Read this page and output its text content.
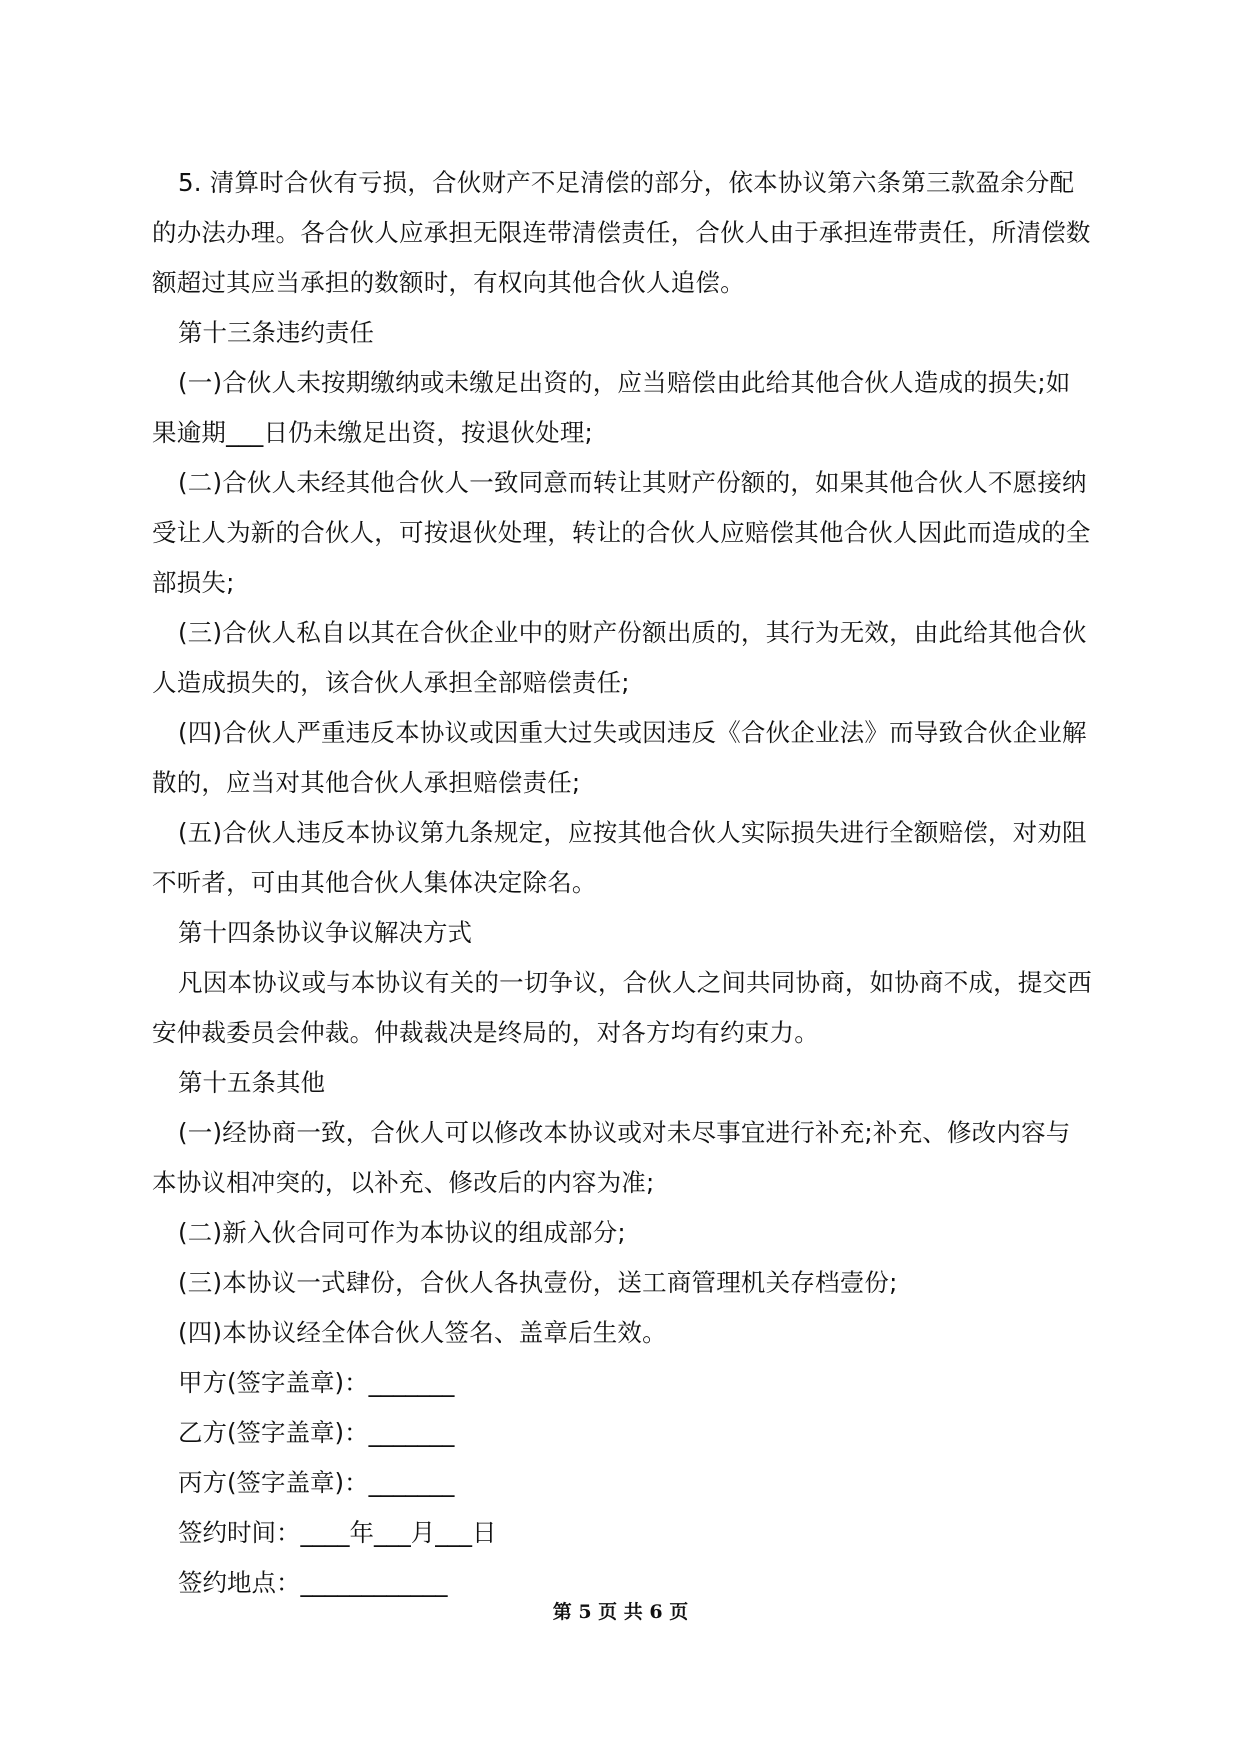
5. 清算时合伙有亏损，合伙财产不足清偿的部分，依本协议第六条第三款盈余分配的办法办理。各合伙人应承担无限连带清偿责任，合伙人由于承担连带责任，所清偿数额超过其应当承担的数额时，有权向其他合伙人追偿。

第十三条违约责任

(一)合伙人未按期缴纳或未缴足出资的，应当赔偿由此给其他合伙人造成的损失;如果逾期___日仍未缴足出资，按退伙处理;

(二)合伙人未经其他合伙人一致同意而转让其财产份额的，如果其他合伙人不愿接纳受让人为新的合伙人，可按退伙处理，转让的合伙人应赔偿其他合伙人因此而造成的全部损失;

(三)合伙人私自以其在合伙企业中的财产份额出质的，其行为无效，由此给其他合伙人造成损失的，该合伙人承担全部赔偿责任;

(四)合伙人严重违反本协议或因重大过失或因违反《合伙企业法》而导致合伙企业解散的，应当对其他合伙人承担赔偿责任;

(五)合伙人违反本协议第九条规定，应按其他合伙人实际损失进行全额赔偿，对劝阻不听者，可由其他合伙人集体决定除名。

第十四条协议争议解决方式

凡因本协议或与本协议有关的一切争议，合伙人之间共同协商，如协商不成，提交西安仲裁委员会仲裁。仲裁裁决是终局的，对各方均有约束力。

第十五条其他

(一)经协商一致，合伙人可以修改本协议或对未尽事宜进行补充;补充、修改内容与本协议相冲突的，以补充、修改后的内容为准;

(二)新入伙合同可作为本协议的组成部分;

(三)本协议一式肆份，合伙人各执壹份，送工商管理机关存档壹份;

(四)本协议经全体合伙人签名、盖章后生效。

甲方(签字盖章)：_______

乙方(签字盖章)：_______

丙方(签字盖章)：_______

签约时间：____年___月___日

签约地点：____________

第 5 页 共 6 页
